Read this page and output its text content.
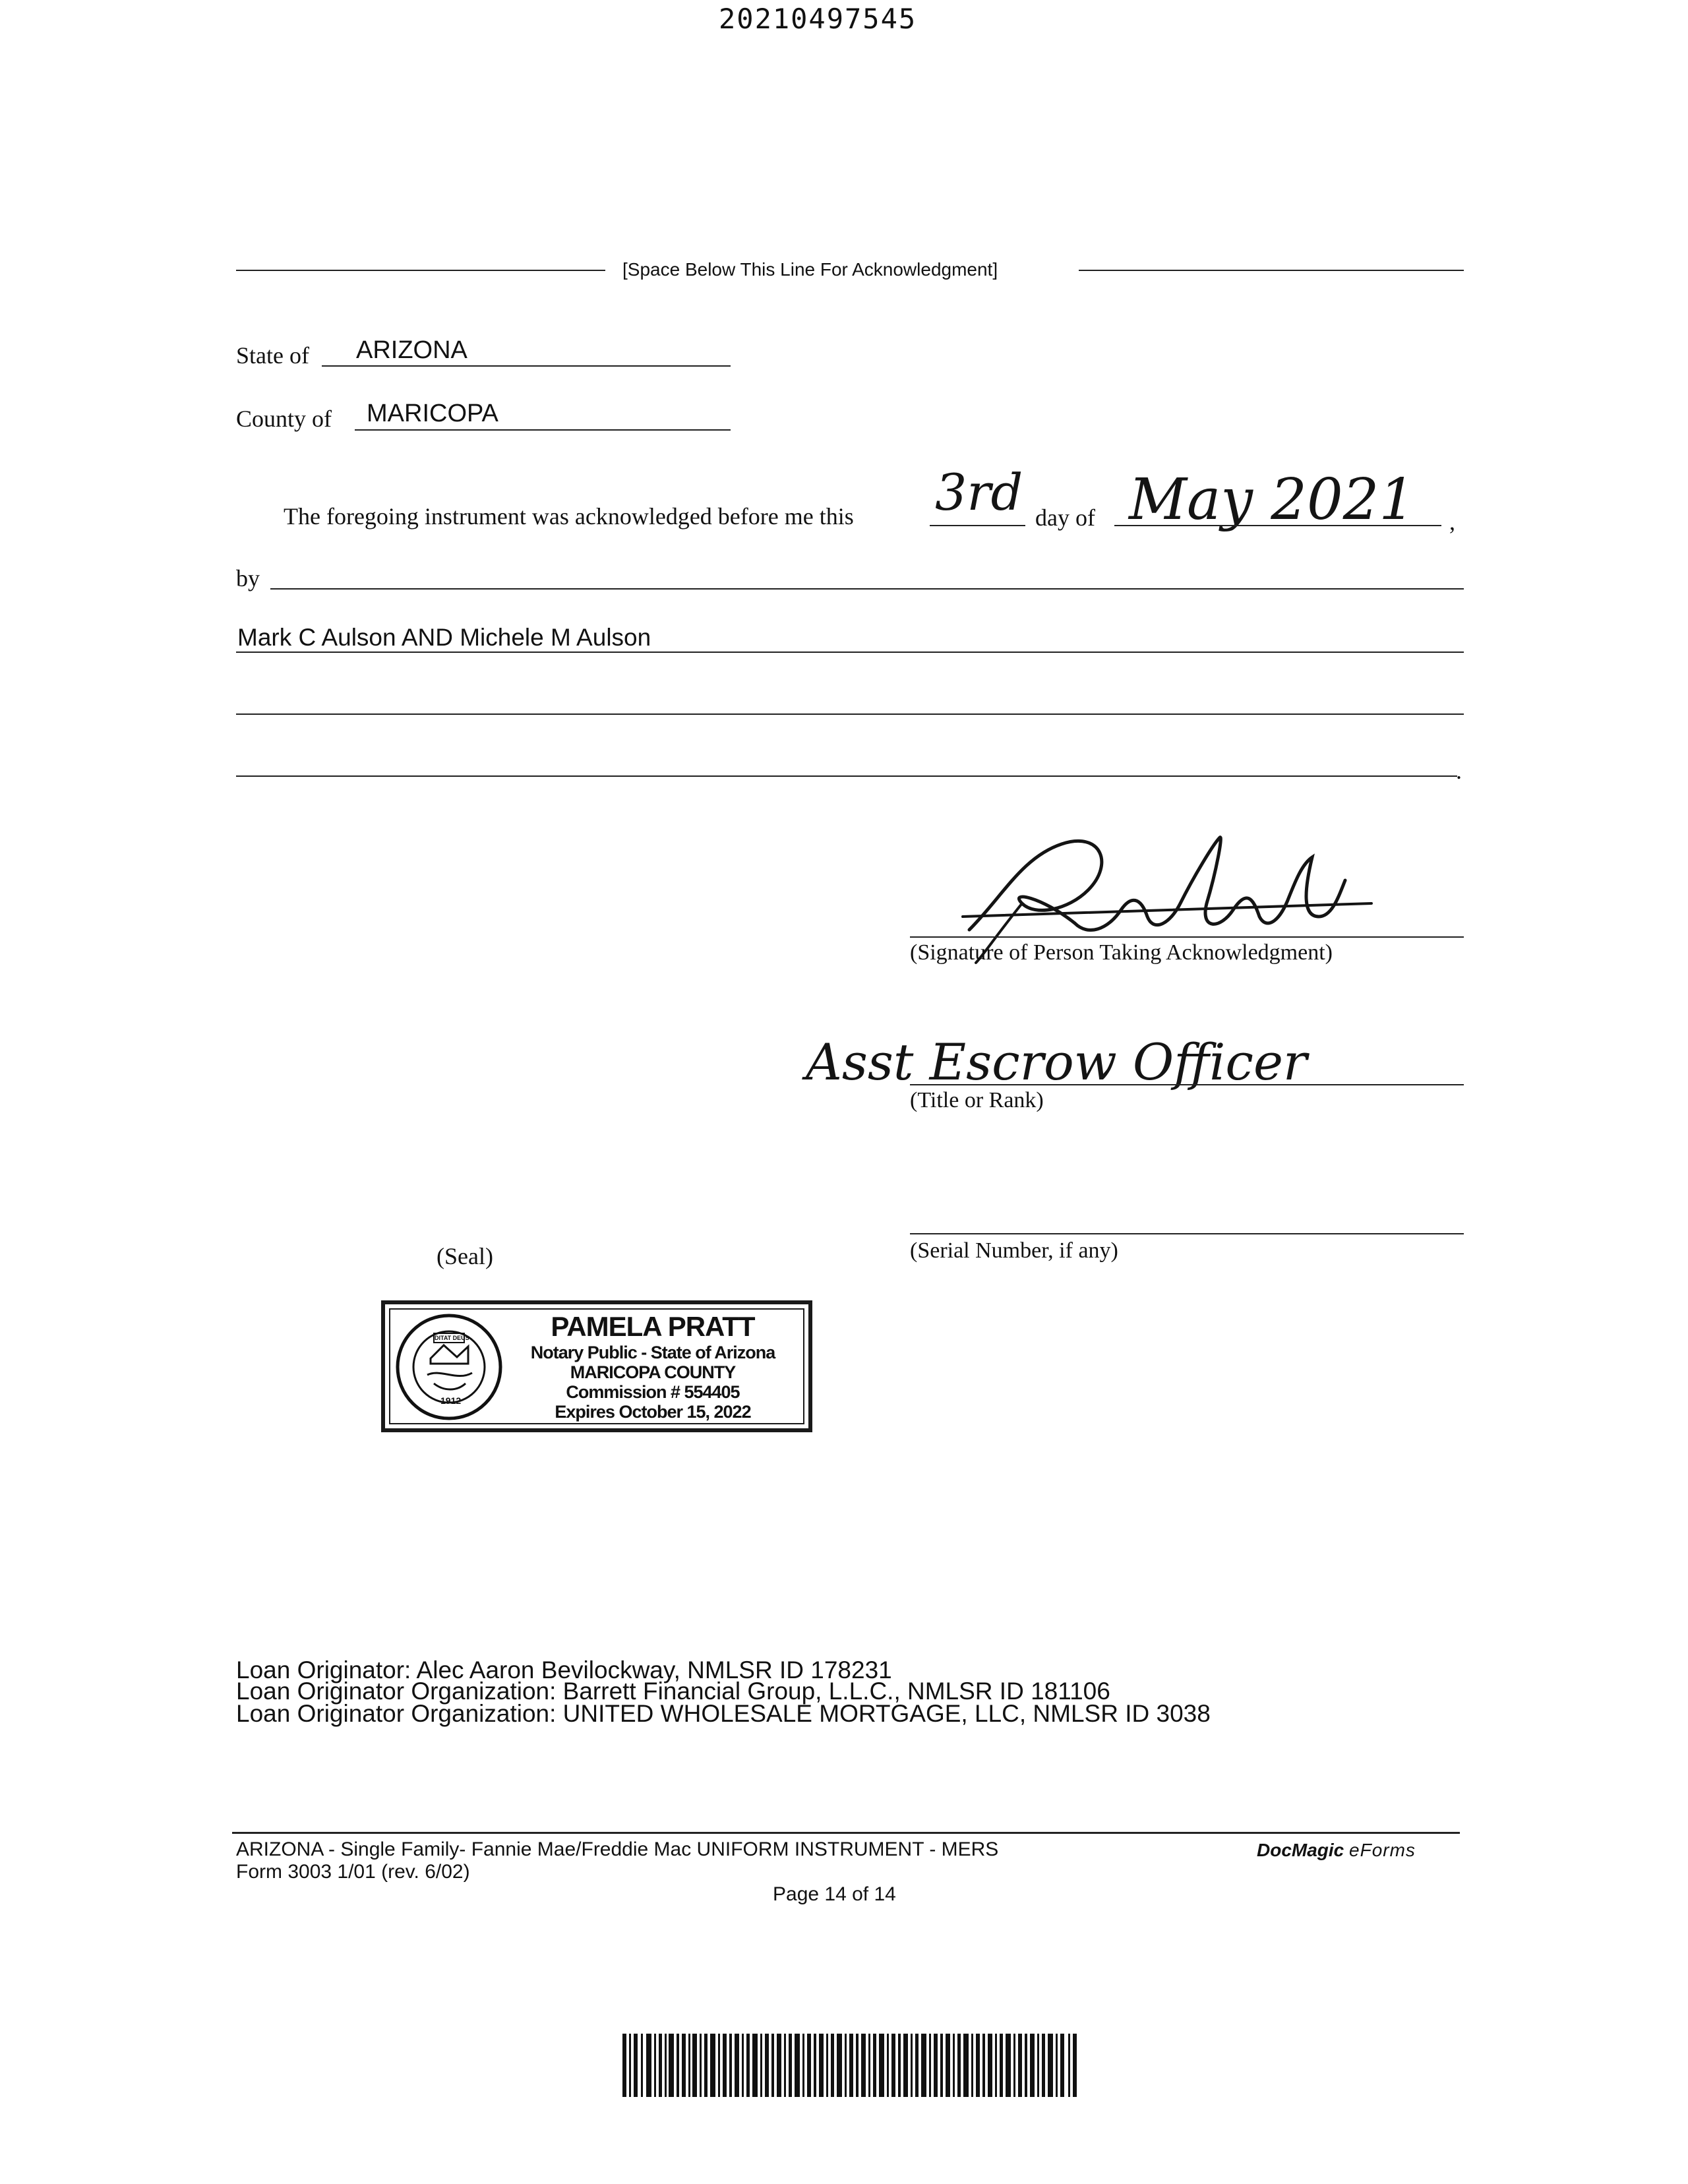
20210497545
[Space Below This Line For Acknowledgment]
State of ARIZONA
County of MARICOPA
The foregoing instrument was acknowledged before me this 3rd day of May 2021 ,
by
Mark C Aulson AND Michele M Aulson
.
(Signature of Person Taking Acknowledgment)
Asst Escrow Officer
(Title or Rank)
(Serial Number, if any)
(Seal)
DITAT DEUS
1912
PAMELA PRATT
Notary Public - State of Arizona
MARICOPA COUNTY
Commission # 554405
Expires October 15, 2022
Loan Originator: Alec Aaron Bevilockway, NMLSR ID 178231
Loan Originator Organization: Barrett Financial Group, L.L.C., NMLSR ID 181106
Loan Originator Organization: UNITED WHOLESALE MORTGAGE, LLC, NMLSR ID 3038
ARIZONA - Single Family- Fannie Mae/Freddie Mac UNIFORM INSTRUMENT - MERS
Form 3003 1/01 (rev. 6/02)
Page 14 of 14
DocMagic eForms
